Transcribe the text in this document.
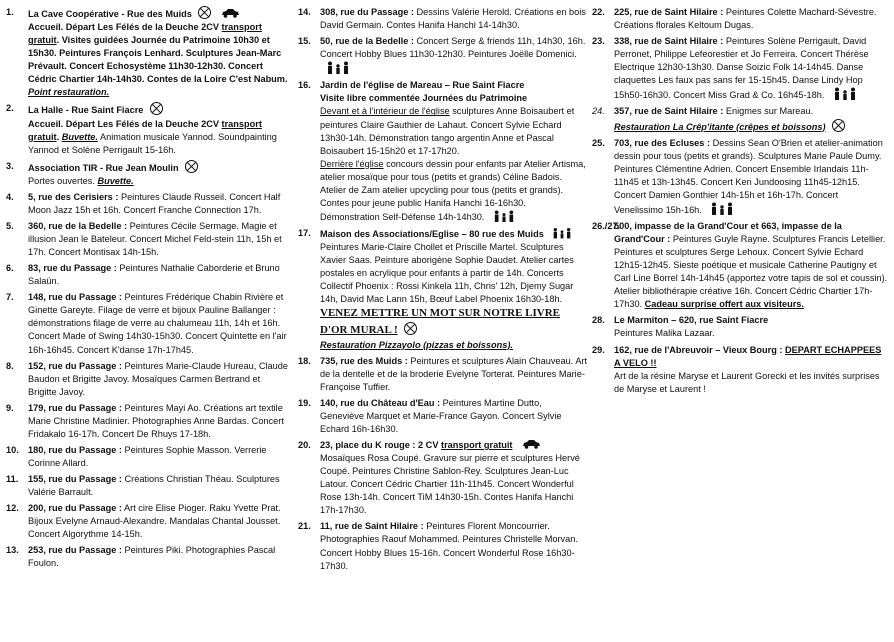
1. La Cave Coopérative - Rue des Muids
Accueil. Départ Les Félés de la Deuche 2CV transport gratuit. Visites guidées Journée du Patrimoine 10h30 et 15h30. Peintures François Lenhard. Sculptures Jean-Marc Prévault. Concert Echosystème 11h30-12h30. Concert Cédric Chartier 14h-14h30. Contes de la Loire C'est Nabum.
Point restauration.
2. La Halle - Rue Saint Fiacre
Accueil. Départ Les Félés de la Deuche 2CV transport gratuit. Buvette. Animation musicale Yannod. Soundpainting Yannod et Solène Perrigault 15-16h.
3. Association TIR - Rue Jean Moulin
Portes ouvertes. Buvette.
4. 5, rue des Cerisiers : Peintures Claude Russeil. Concert Half Moon Jazz 15h et 16h. Concert Franche Connection 17h.
5. 360, rue de la Bedelle : Peintures Cécile Sermage. Magie et illusion Jean le Bateleur. Concert Michel Feld-stein 11h, 15h et 17h. Concert Montisax 14h-15h.
6. 83, rue du Passage : Peintures Nathalie Caborderie et Bruno Salaün.
7. 148, rue du Passage : Peintures Frédérique Chabin Rivière et Ginette Gareyte. Filage de verre et bijoux Pauline Ballanger : démonstrations filage de verre au chalumeau 11h, 14h et 16h. Concert Made of Swing 14h30-15h30. Concert Quintette en l'air 16h-16h45. Concert K'danse 17h-17h45.
8. 152, rue du Passage : Peintures Marie-Claude Hureau, Claude Baudon et Brigitte Javoy. Mosaïques Carmen Bertrand et Brigitte Javoy.
9. 179, rue du Passage : Peintures Mayi Ao. Créations art textile Marie Christine Madinier. Photographies Anne Bardas. Concert Fridakalo 16-17h. Concert De Rhuys 17-18h.
10. 180, rue du Passage : Peintures Sophie Masson. Verrerie Corinne Allard.
11. 155, rue du Passage : Créations Christian Théau. Sculptures Valérie Barrault.
12. 200, rue du Passage : Art cire Elise Pioger. Raku Yvette Prat. Bijoux Evelyne Arnaud-Alexandre. Mandalas Chantal Jousset. Concert Algorythme 14-15h.
13. 253, rue du Passage : Peintures Piki. Photographies Pascal Foulon.
14. 308, rue du Passage : Dessins Valérie Herold. Créations en bois David Germain. Contes Hanifa Hanchi 14-14h30.
15. 50, rue de la Bedelle : Concert Serge & friends 11h, 14h30, 16h. Concert Hobby Blues 11h30-12h30. Peintures Joëlle Domenici.
16. Jardin de l'église de Mareau – Rue Saint Fiacre
Visite libre commentée Journées du Patrimoine
Devant et à l'intérieur de l'église sculptures Anne Boisaubert et peintures Claire Gauthier de Lahaut. Concert Sylvie Echard 13h30-14h. Démonstration tango argentin Anne et Pascal Boisaubert 15-15h20 et 17-17h20.
Derrière l'église concours dessin pour enfants par Atelier Artisma, atelier mosaïque pour tous (petits et grands) Céline Badois. Atelier de Zam atelier upcycling pour tous (petits et grands). Contes pour jeune public Hanifa Hanchi 16-16h30. Démonstration Self-Défense 14h-14h30.
17. Maison des Associations/Eglise – 80 rue des Muids
Peintures Marie-Claire Chollet et Priscille Martel. Sculptures Xavier Saas. Peinture aborigène Sophie Daudet. Atelier cartes postales en acrylique pour enfants à partir de 14h. Concerts Collectif Phoenix : Rossi Kinkela 11h, Chris' 12h, Djemy Sugar 14h, David Mac Lann 15h, Bœuf Label Phoenix 16h30-18h. VENEZ METTRE UN MOT SUR NOTRE LIVRE D'OR MURAL !
Restauration Pizzayolo (pizzas et boissons).
18. 735, rue des Muids : Peintures et sculptures Alain Chauveau. Art de la dentelle et de la broderie Evelyne Torterat. Peintures Marie-Françoise Tuffier.
19. 140, rue du Château d'Eau : Peintures Martine Dutto, Geneviève Marquet et Marie-France Gayon. Concert Sylvie Echard 16h-16h30.
20. 23, place du K rouge : 2 CV transport gratuit
Mosaïques Rosa Coupé. Gravure sur pierre et sculptures Hervé Coupé. Peintures Christine Sablon-Rey. Sculptures Jean-Luc Latour. Concert Cédric Chartier 11h-11h45. Concert Wonderful Rose 13h-14h. Concert TiM 14h30-15h. Contes Hanifa Hanchi 17h-17h30.
21. 11, rue de Saint Hilaire : Peintures Florent Moncourrier. Photographies Raouf Mohammed. Peintures Christelle Morvan. Concert Hobby Blues 15-16h. Concert Wonderful Rose 16h30-17h30.
22. 225, rue de Saint Hilaire : Peintures Colette Machard-Sévestre. Créations florales Keltoum Dugas.
23. 338, rue de Saint Hilaire : Peintures Solène Perrigault, David Perronet, Philippe Lefeorestier et Jo Ferreira. Concert Thérèse Electrique 12h30-13h30. Danse Soizic Folk 14-14h45. Danse claquettes Les faux pas sans fer 15-15h45. Danse Lindy Hop 15h50-16h30. Concert Miss Grad & Co. 16h45-18h.
24. 357, rue de Saint Hilaire : Enigmes sur Mareau.
Restauration La Crêp'itante (crêpes et boissons)
25. 703, rue des Ecluses : Dessins Sean O'Brien et atelier-animation dessin pour tous (petits et grands). Sculptures Marie Paule Dumy. Peintures Clémentine Adrien. Concert Ensemble Irlandais 11h-11h45 et 13h-13h45. Concert Ken Jundoosing 11h45-12h15. Concert Damien Gonthier 14h-15h et 16h-17h. Concert Venelissimo 15h-16h.
26./27.
500, impasse de la Grand'Cour et 663, impasse de la Grand'Cour : Peintures Guyle Rayne. Sculptures Francis Letellier. Peintures et sculptures Serge Lehoux. Concert Sylvie Echard 12h15-12h45. Sieste poétique et musicale Catherine Pautigny et Carl Line Borrel 14h-14h45 (apportez votre tapis de sol et coussin). Atelier bibliothérapie créative 16h. Concert Cédric Chartier 17h-17h30. Cadeau surprise offert aux visiteurs.
28. Le Marmiton – 620, rue Saint Fiacre
Peintures Malika Lazaar.
29. 162, rue de l'Abreuvoir – Vieux Bourg : DEPART ECHAPPEES A VELO !!
Art de la résine Maryse et Laurent Gorecki et les invités surprises de Maryse et Laurent !
